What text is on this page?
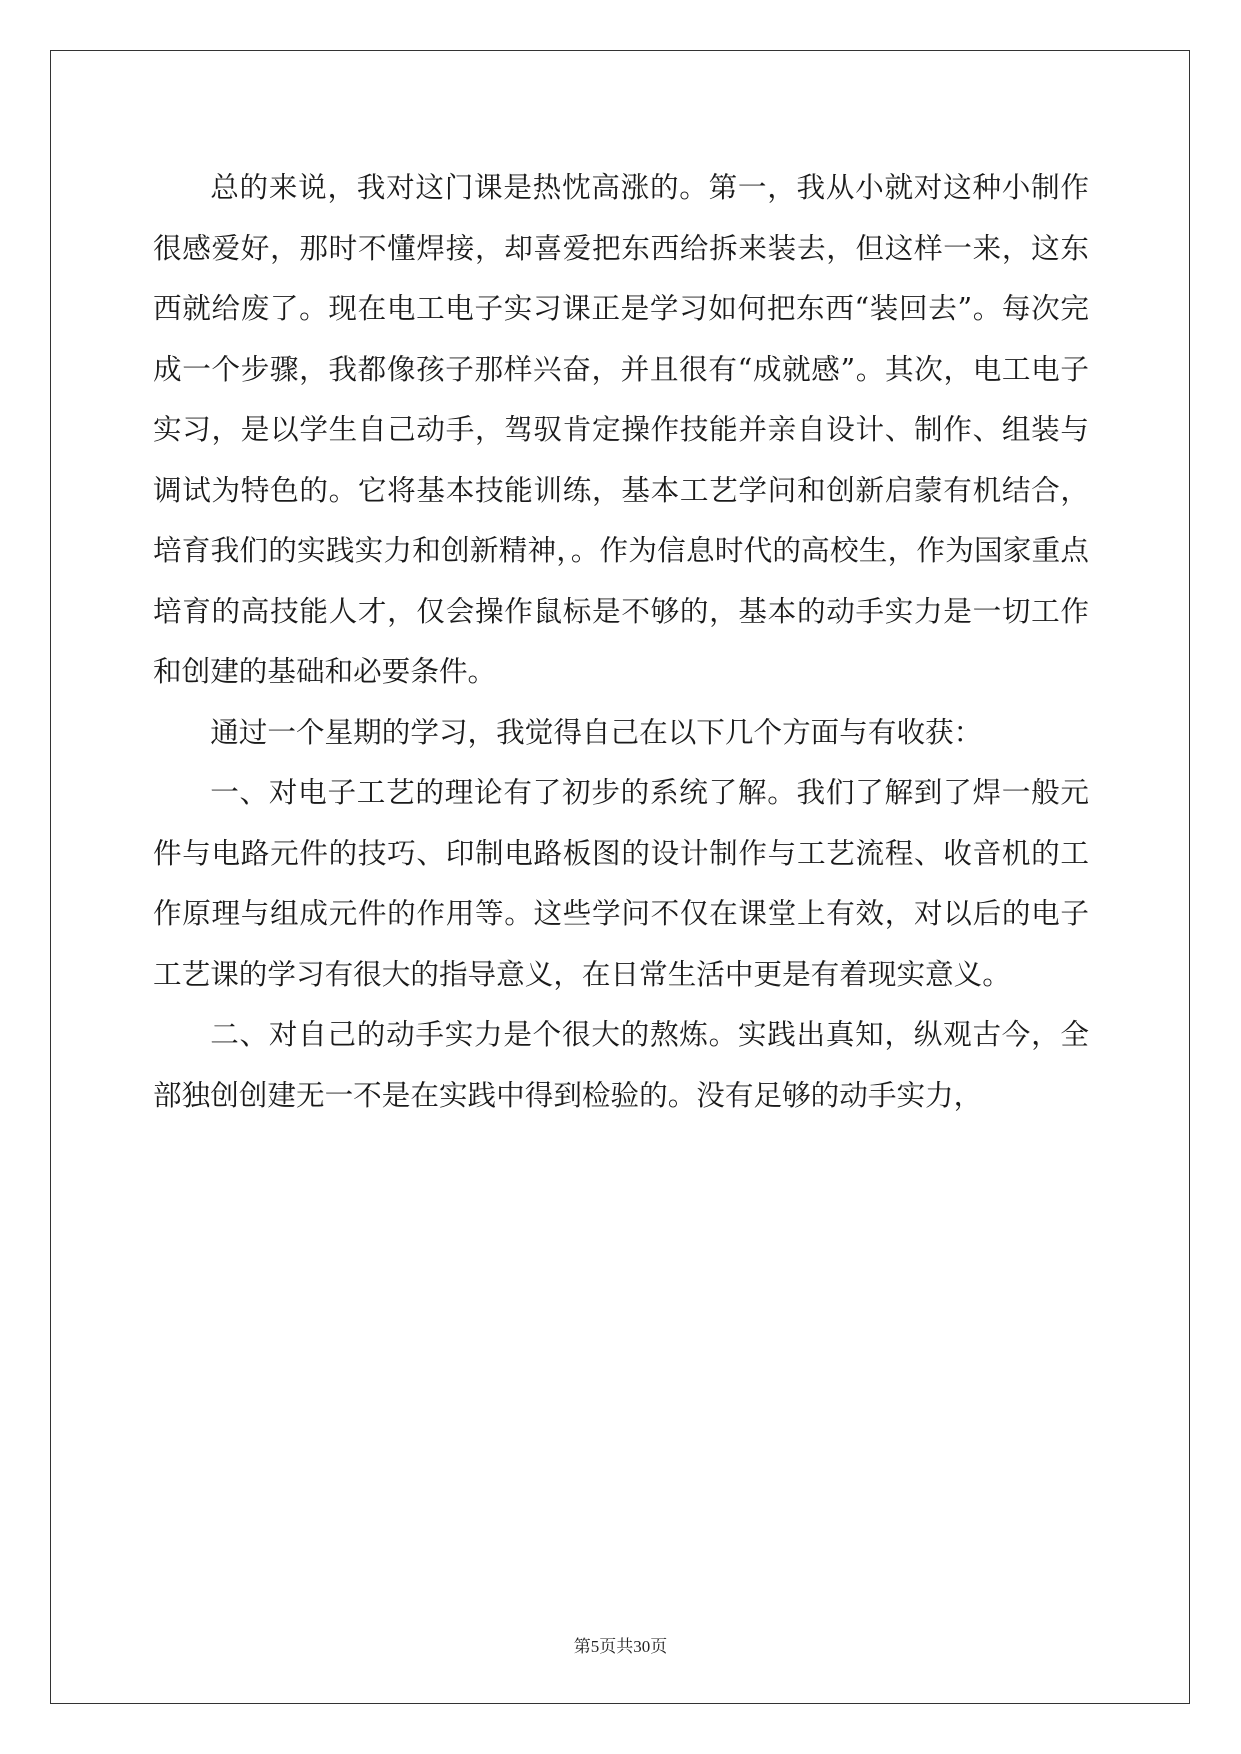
总的来说，我对这门课是热忱高涨的。第一，我从小就对这种小制作很感爱好，那时不懂焊接，却喜爱把东西给拆来装去，但这样一来，这东西就给废了。现在电工电子实习课正是学习如何把东西“装回去”。每次完成一个步骤，我都像孩子那样兴奋，并且很有“成就感”。其次，电工电子实习，是以学生自己动手，驾驭肯定操作技能并亲自设计、制作、组装与调试为特色的。它将基本技能训练，基本工艺学问和创新启蒙有机结合，培育我们的实践实力和创新精神，。作为信息时代的高校生，作为国家重点培育的高技能人才，仅会操作鼠标是不够的，基本的动手实力是一切工作和创建的基础和必要条件。

通过一个星期的学习，我觉得自己在以下几个方面与有收获：

一、对电子工艺的理论有了初步的系统了解。我们了解到了焊一般元件与电路元件的技巧、印制电路板图的设计制作与工艺流程、收音机的工作原理与组成元件的作用等。这些学问不仅在课堂上有效，对以后的电子工艺课的学习有很大的指导意义，在日常生活中更是有着现实意义。

二、对自己的动手实力是个很大的熬炼。实践出真知，纵观古今，全部独创创建无一不是在实践中得到检验的。没有足够的动手实力，

第5页共30页
